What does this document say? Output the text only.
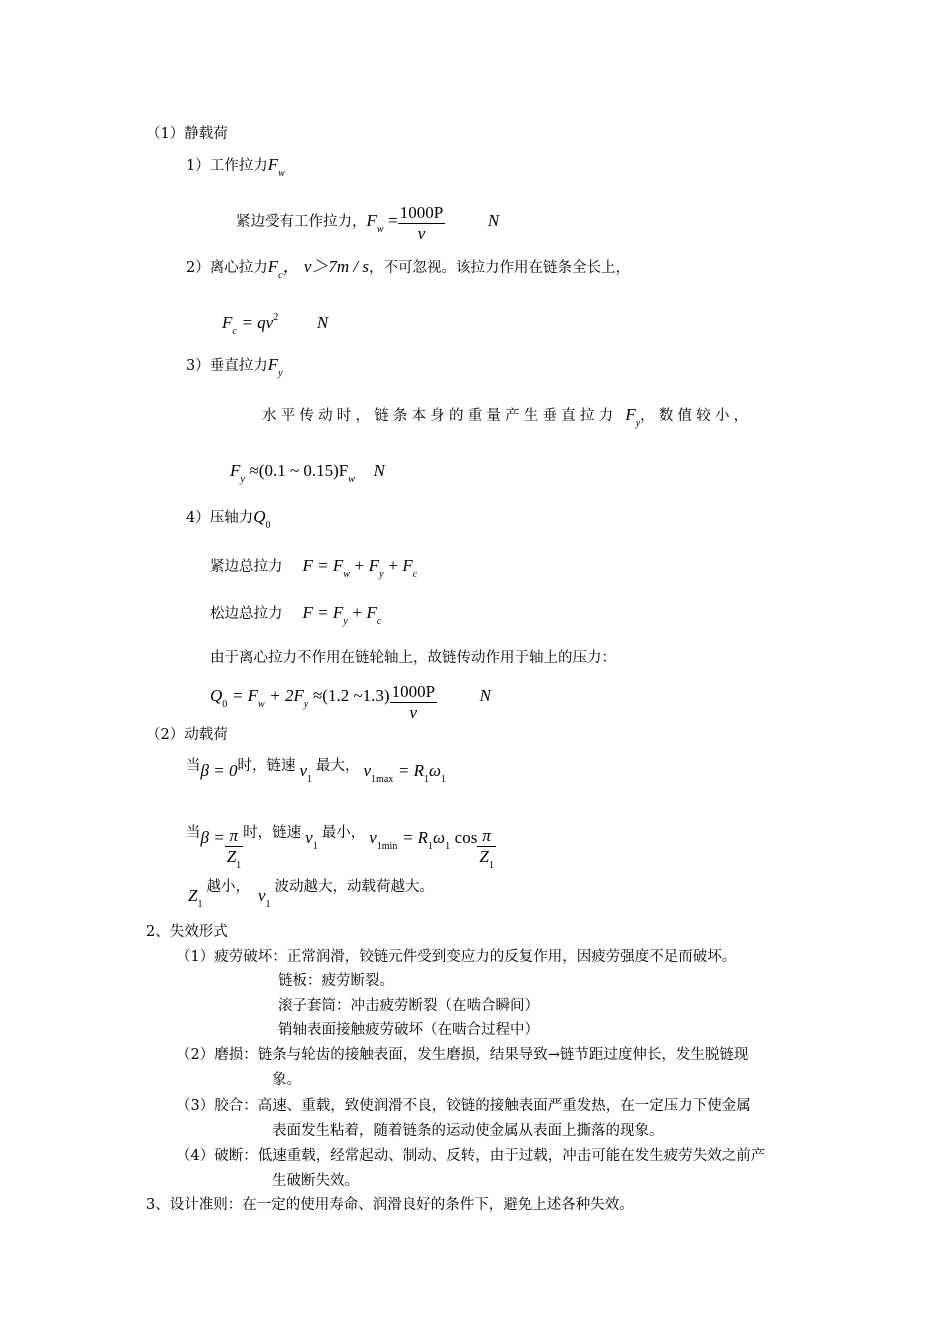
（1）静载荷
1）工作拉力$F_w$
紧边受有工作拉力，$F_w = \frac{1000P}{v}$	N
2）离心拉力$F_c$， v＞7m / s，不可忽视。该拉力作用在链条全长上，
$F_c = qv^2$ N
3）垂直拉力$F_y$
水平传动时，链条本身的重量产生垂直拉力 $F_y$，数值较小，
$F_y \approx(0.1$ ~ $0.15)F_w$ N
4）压轴力$Q_0$
紧边总拉力 $F = F_w + F_y + F_c$
松边总拉力 $F = F_y + F_c$
由于离心拉力不作用在链轮轴上，故链传动作用于轴上的压力：
$Q_0 = F_w + 2F_y \approx(1.2$ ~1.3) $\frac{1000P}{v}$	N
（2）动载荷
当β = 0时，链速 $v_1$最大， $v_{1max} = R_1\omega_1$
当$\beta = \frac{\pi}{Z_1}$ 时，链速 $v_1$最小， $v_{1min} = R_1\omega_1$ $\cos \frac{\pi}{Z_1}$
$Z_1$越小， $v_1$波动越大，动载荷越大。
2、失效形式
（1）疲劳破坏：正常润滑，铰链元件受到变应力的反复作用，因疲劳强度不足而破坏。
链板：疲劳断裂。
滚子套筒：冲击疲劳断裂（在啮合瞬间）
销轴表面接触疲劳破坏（在啮合过程中）
（2）磨损：链条与轮齿的接触表面，发生磨损，结果导致→链节距过度伸长，发生脱链现
象。
（3）胶合：高速、重载，致使润滑不良，铰链的接触表面严重发热，在一定压力下使金属
表面发生粘着，随着链条的运动使金属从表面上撕落的现象。
（4）破断：低速重载，经常起动、制动、反转，由于过载，冲击可能在发生疲劳失效之前产
生破断失效。
3、设计准则：在一定的使用寿命、润滑良好的条件下，避免上述各种失效。
